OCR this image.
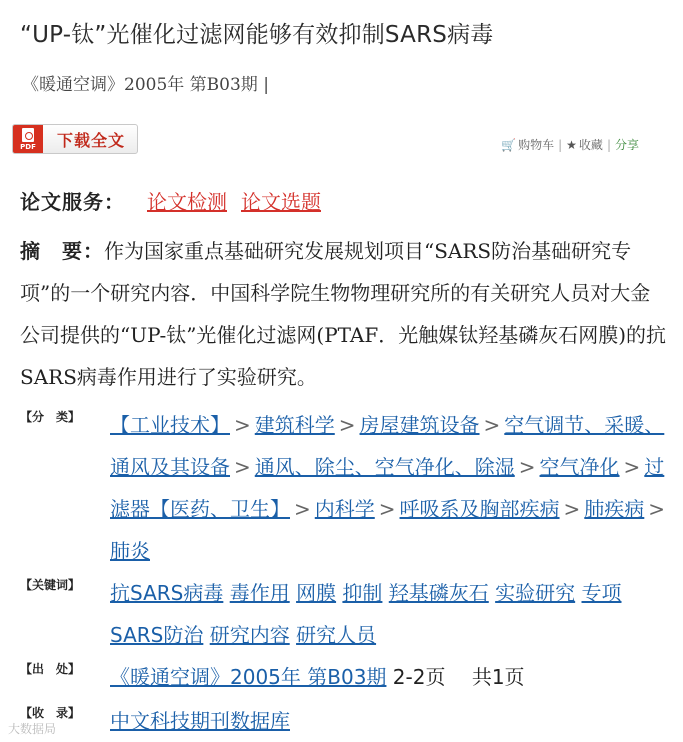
“UP-钛”光催化过滤网能够有效抑制SARS病毒
《暖通空调》2005年 第B03期 |
PDF	下载全文	🛒 购物车 | ★ 收藏 | 分享
论文服务： 论文检测 论文选题
摘　要：作为国家重点基础研究发展规划项目“SARS防治基础研究专项”的一个研究内容．中国科学院生物物理研究所的有关研究人员对大金公司提供的“UP-钛”光催化过滤网(PTAF．光触媒钛羟基磷灰石网膜)的抗SARS病毒作用进行了实验研究。
【分　类】 【工业技术】 > 建筑科学 > 房屋建筑设备 > 空气调节、采暖、通风及其设备 > 通风、除尘、空气净化、除湿 > 空气净化 > 过滤器【医药、卫生】 > 内科学 > 呼吸系及胸部疾病 > 肺疾病 >肺炎
【关键词】 抗SARS病毒 毒作用 网膜 抑制 羟基磷灰石 实验研究 专项 SARS防治 研究内容 研究人员
【出　处】 《暖通空调》2005年 第B03期 2-2页 共1页
【收　录】 中文科技期刊数据库
大数据局
